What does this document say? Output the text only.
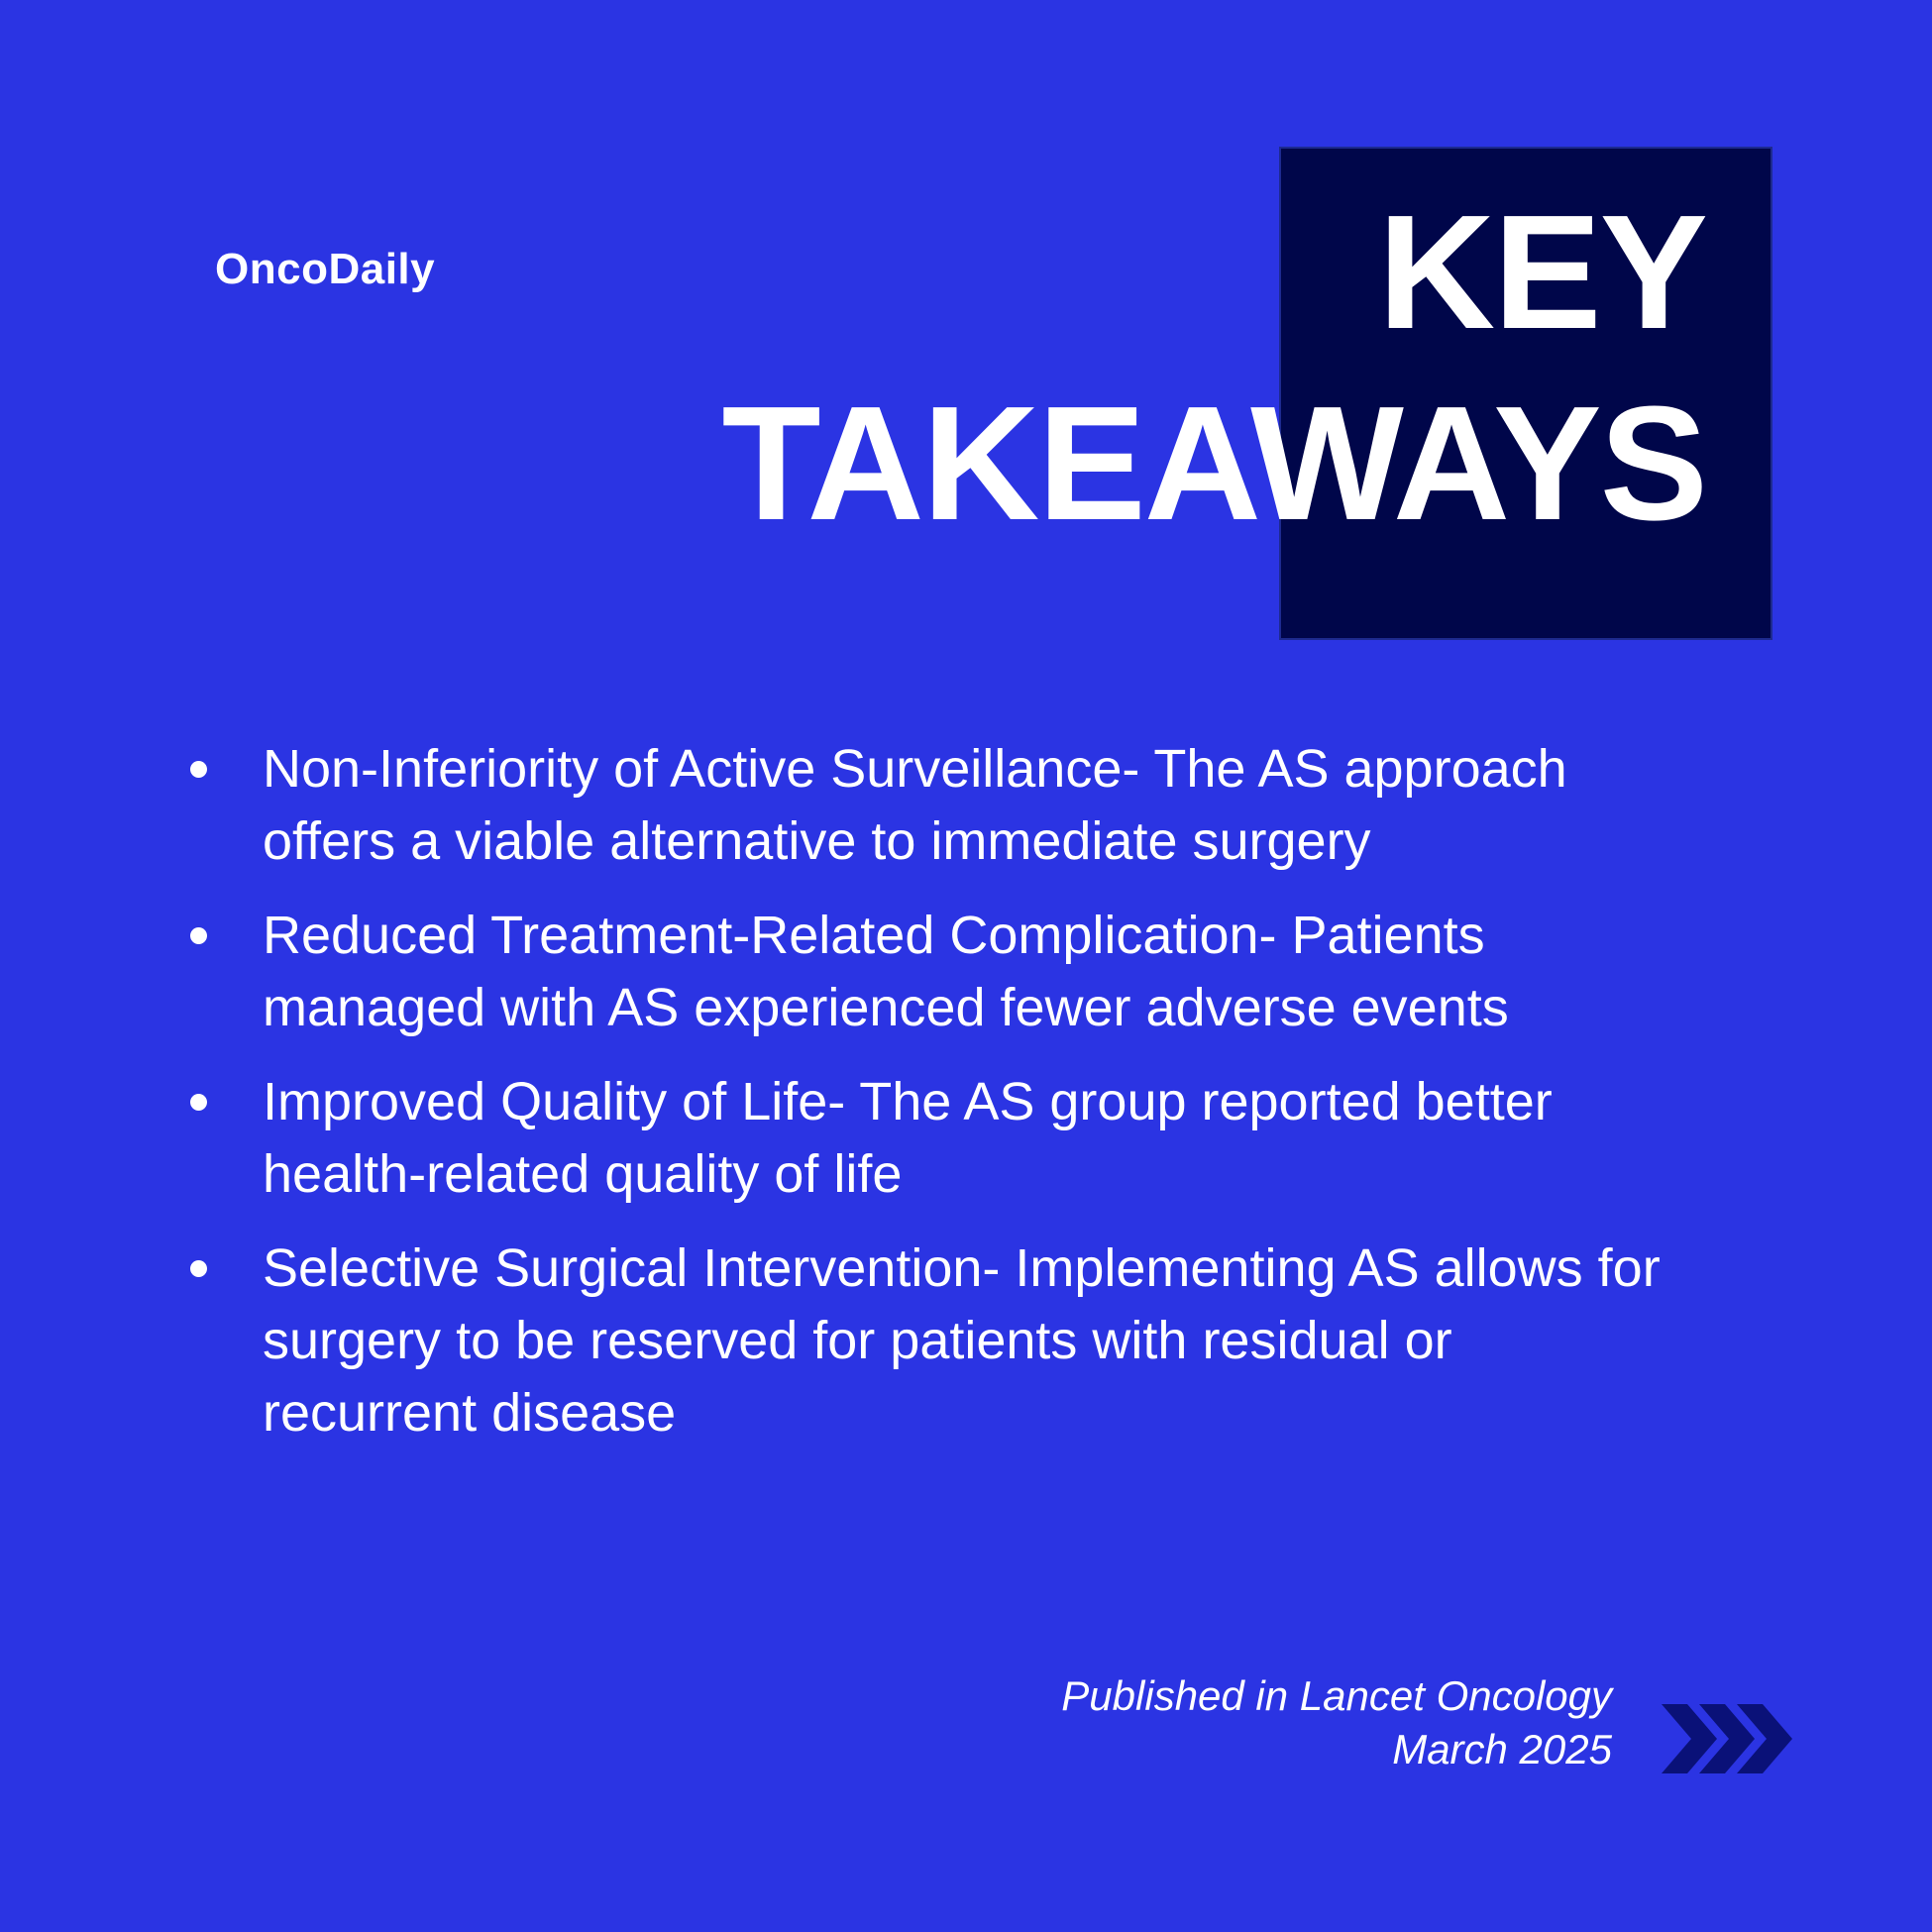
OncoDaily	KEY
TAKEAWAYS
Non-Inferiority of Active Surveillance- The AS approach offers a viable alternative to immediate surgery
Reduced Treatment-Related Complication- Patients managed with AS experienced fewer adverse events
Improved Quality of Life- The AS group reported better health-related quality of life
Selective Surgical Intervention- Implementing AS allows for surgery to be reserved for patients with residual or recurrent disease
Published in Lancet Oncology
March 2025
